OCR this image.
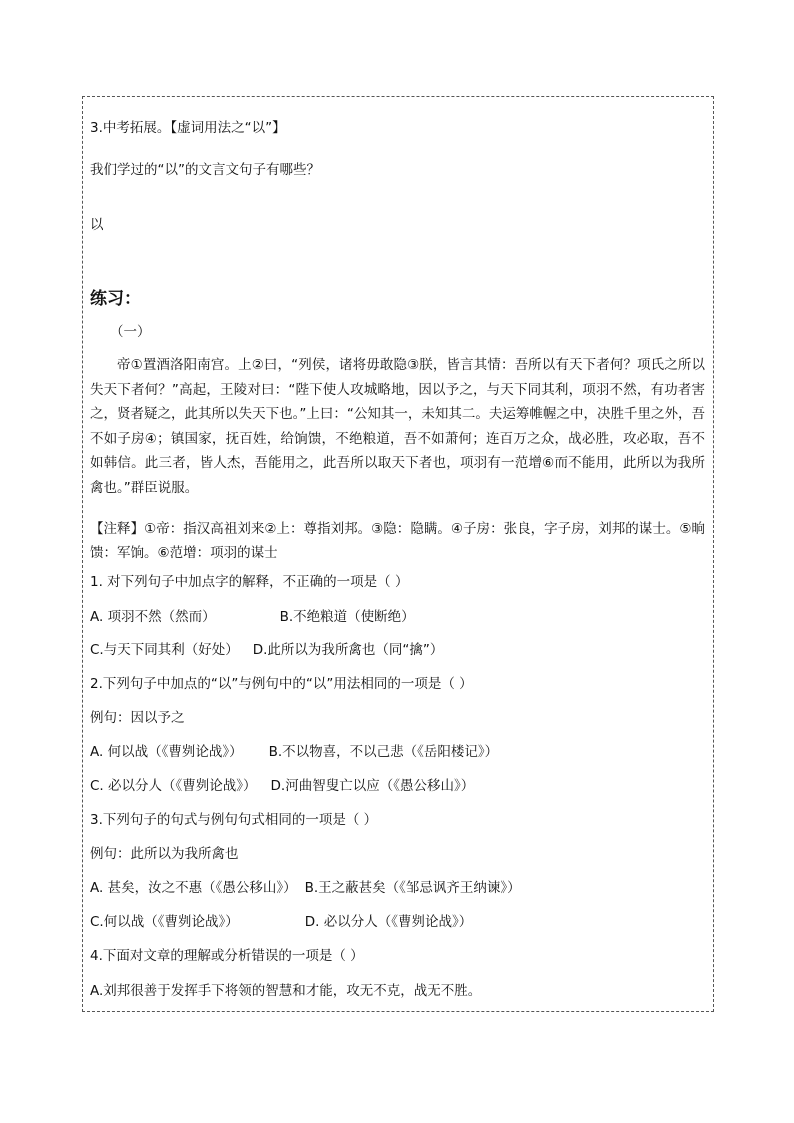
3.中考拓展。【虚词用法之“以”】
我们学过的“以”的文言文句子有哪些？
以
练习：
（一）
帝①置酒洛阳南宫。上②曰，“列侯，诸将毋敢隐③朕，皆言其情：吾所以有天下者何？项氏之所以失天下者何？”高起，王陵对曰：“陛下使人攻城略地，因以予之，与天下同其利，项羽不然，有功者害之，贤者疑之，此其所以失天下也。”上曰：“公知其一，未知其二。夫运筹帷幄之中，决胜千里之外，吾不如子房④；镇国家，抚百姓，给饷馈，不绝粮道，吾不如萧何；连百万之众，战必胜，攻必取，吾不如韩信。此三者，皆人杰，吾能用之，此吾所以取天下者也，项羽有一范增⑥而不能用，此所以为我所禽也。”群臣说服。
【注释】①帝：指汉高祖刘来②上：尊指刘邦。③隐：隐瞒。④子房：张良，字子房，刘邦的谋士。⑤晌馈：军饷。⑥范增：项羽的谋士
1. 对下列句子中加点字的解释，不正确的一项是（ ）
A. 项羽不然（然而）	B.不绝粮道（使断绝）
C.与天下同其利（好处） D.此所以为我所禽也（同“擒”）
2.下列句子中加点的“以”与例句中的“以”用法相同的一项是（ ）
例句：因以予之
A. 何以战（《曹刿论战》） B.不以物喜，不以己悲（《岳阳楼记》）
C. 必以分人（《曹刿论战》） D.河曲智叟亡以应（《愚公移山》）
3.下列句子的句式与例句句式相同的一项是（ ）
例句：此所以为我所禽也
A. 甚矣，汝之不惠（《愚公移山》） B.王之蔽甚矣（《邹忌讽齐王纳谏》）
C.何以战（《曹刿论战》）	D. 必以分人（《曹刿论战》）
4.下面对文章的理解或分析错误的一项是（ ）
A.刘邦很善于发挥手下将领的智慧和才能，攻无不克，战无不胜。
